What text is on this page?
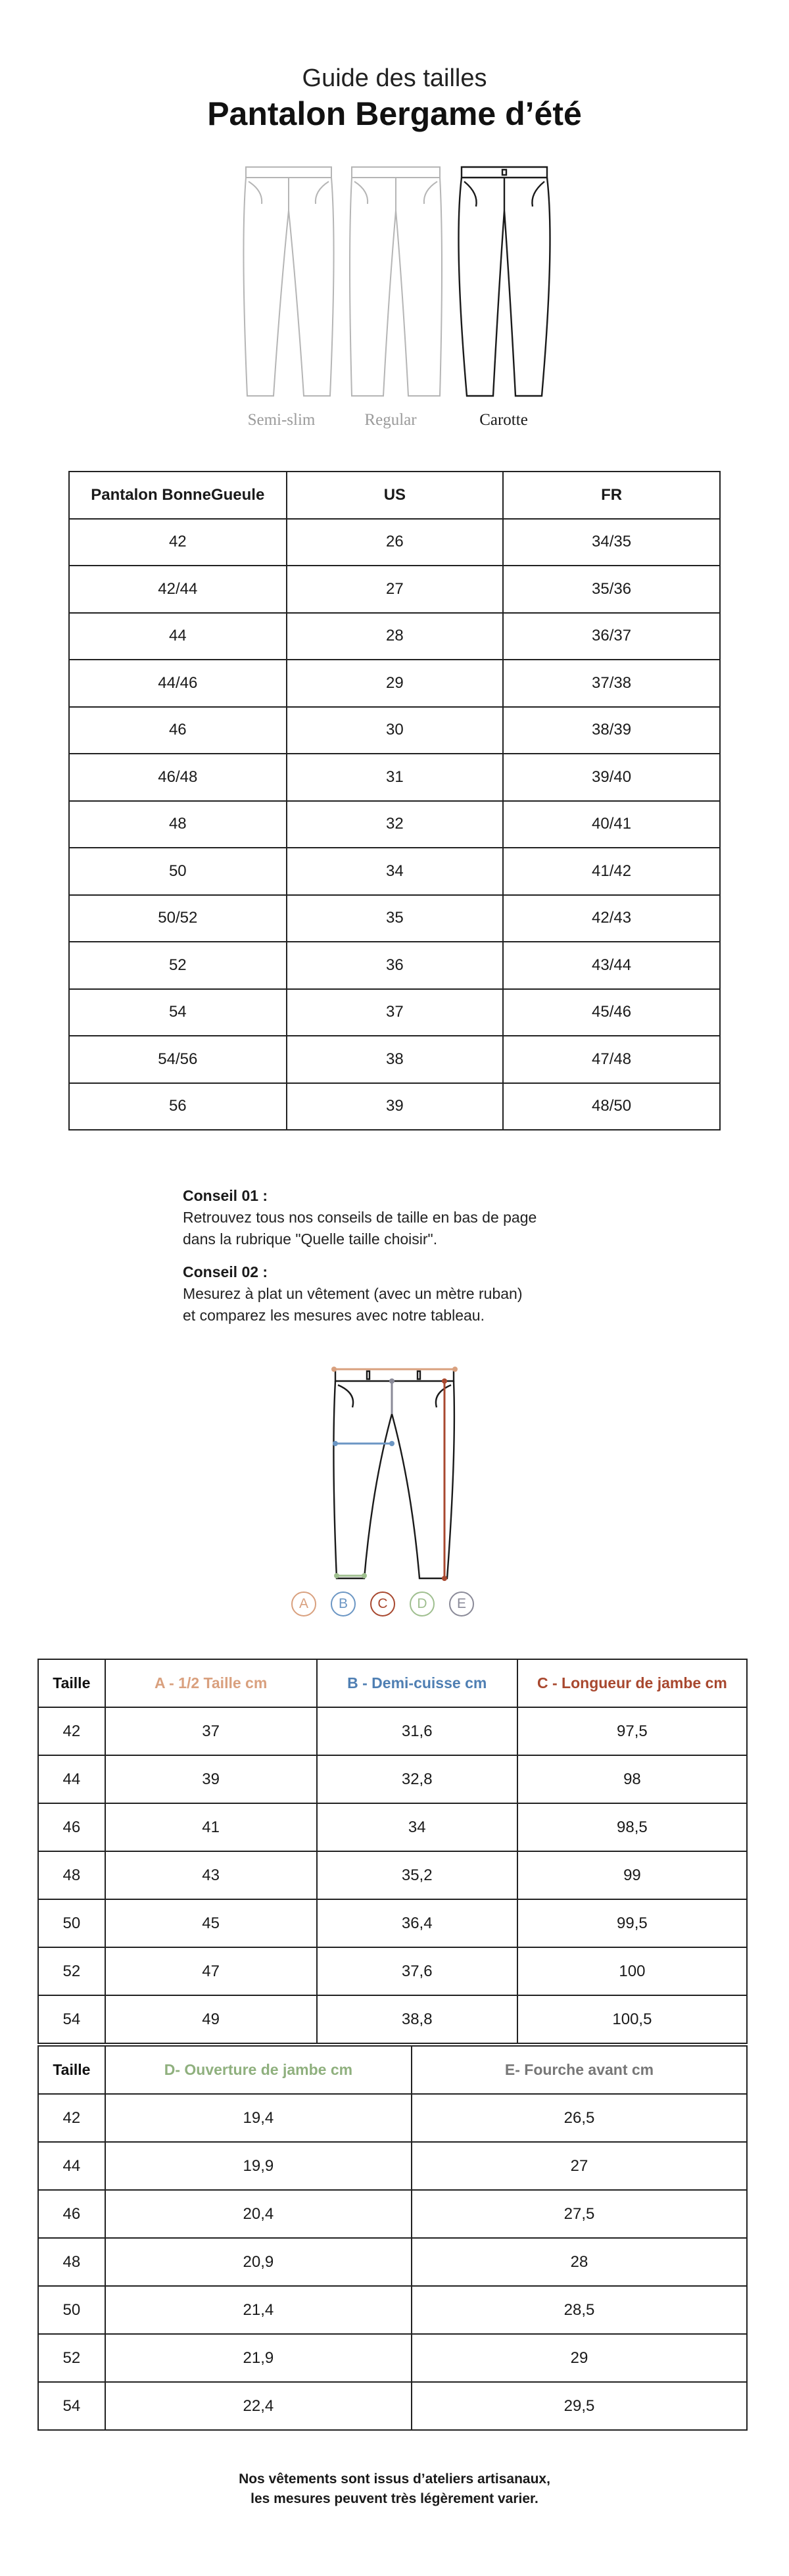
Guide des tailles
Pantalon Bergame d’été
Semi-slim	Regular	Carotte
Pantalon BonneGueule	US	FR
42	26	34/35
42/44	27	35/36
44	28	36/37
44/46	29	37/38
46	30	38/39
46/48	31	39/40
48	32	40/41
50	34	41/42
50/52	35	42/43
52	36	43/44
54	37	45/46
54/56	38	47/48
56	39	48/50
Conseil 01 :
Retrouvez tous nos conseils de taille en bas de page
dans la rubrique "Quelle taille choisir".
Conseil 02 :
Mesurez à plat un vêtement (avec un mètre ruban)
et comparez les mesures avec notre tableau.
A	B	C	D	E
Taille	A - 1/2 Taille cm	B - Demi-cuisse cm	C - Longueur de jambe cm
42	37	31,6	97,5
44	39	32,8	98
46	41	34	98,5
48	43	35,2	99
50	45	36,4	99,5
52	47	37,6	100
54	49	38,8	100,5
Taille	D- Ouverture de jambe cm	E- Fourche avant cm
42	19,4	26,5
44	19,9	27
46	20,4	27,5
48	20,9	28
50	21,4	28,5
52	21,9	29
54	22,4	29,5
Nos vêtements sont issus d’ateliers artisanaux,
les mesures peuvent très légèrement varier.
